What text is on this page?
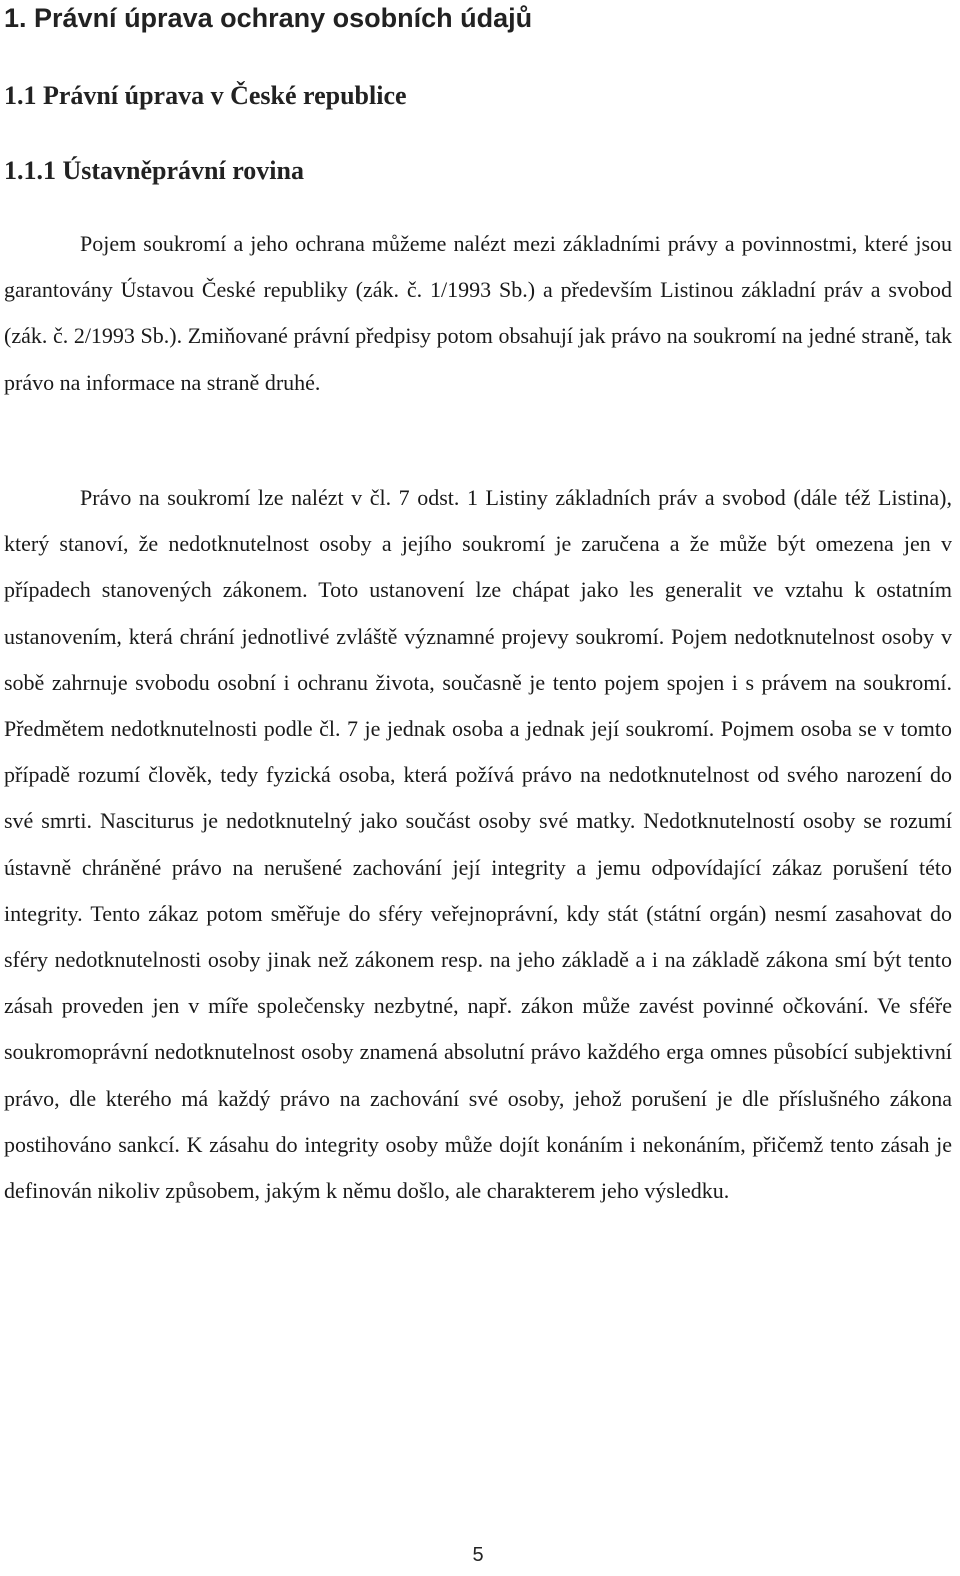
1. Právní úprava ochrany osobních údajů
1.1 Právní úprava v České republice
1.1.1 Ústavněprávní rovina

Pojem soukromí a jeho ochrana můžeme nalézt mezi základními právy a povinnostmi, které jsou garantovány Ústavou České republiky (zák. č. 1/1993 Sb.) a především Listinou základní práv a svobod (zák. č. 2/1993 Sb.). Zmiňované právní předpisy potom obsahují jak právo na soukromí na jedné straně, tak právo na informace na straně druhé.

Právo na soukromí lze nalézt v čl. 7 odst. 1 Listiny základních práv a svobod (dále též Listina), který stanoví, že nedotknutelnost osoby a jejího soukromí je zaručena a že může být omezena jen v případech stanovených zákonem. Toto ustanovení lze chápat jako les generalit ve vztahu k ostatním ustanovením, která chrání jednotlivé zvláště významné projevy soukromí. Pojem nedotknutelnost osoby v sobě zahrnuje svobodu osobní i ochranu života, současně je tento pojem spojen i s právem na soukromí. Předmětem nedotknutelnosti podle čl. 7 je jednak osoba a jednak její soukromí. Pojmem osoba se v tomto případě rozumí člověk, tedy fyzická osoba, která požívá právo na nedotknutelnost od svého narození do své smrti. Nasciturus je nedotknutelný jako součást osoby své matky. Nedotknutelností osoby se rozumí ústavně chráněné právo na nerušené zachování její integrity a jemu odpovídající zákaz porušení této integrity. Tento zákaz potom směřuje do sféry veřejnoprávní, kdy stát (státní orgán) nesmí zasahovat do sféry nedotknutelnosti osoby jinak než zákonem resp. na jeho základě a i na základě zákona smí být tento zásah proveden jen v míře společensky nezbytné, např. zákon může zavést povinné očkování. Ve sféře soukromoprávní nedotknutelnost osoby znamená absolutní právo každého erga omnes působící subjektivní právo, dle kterého má každý právo na zachování své osoby, jehož porušení je dle příslušného zákona postihováno sankcí. K zásahu do integrity osoby může dojít konáním i nekonáním, přičemž tento zásah je definován nikoliv způsobem, jakým k němu došlo, ale charakterem jeho výsledku.

5
